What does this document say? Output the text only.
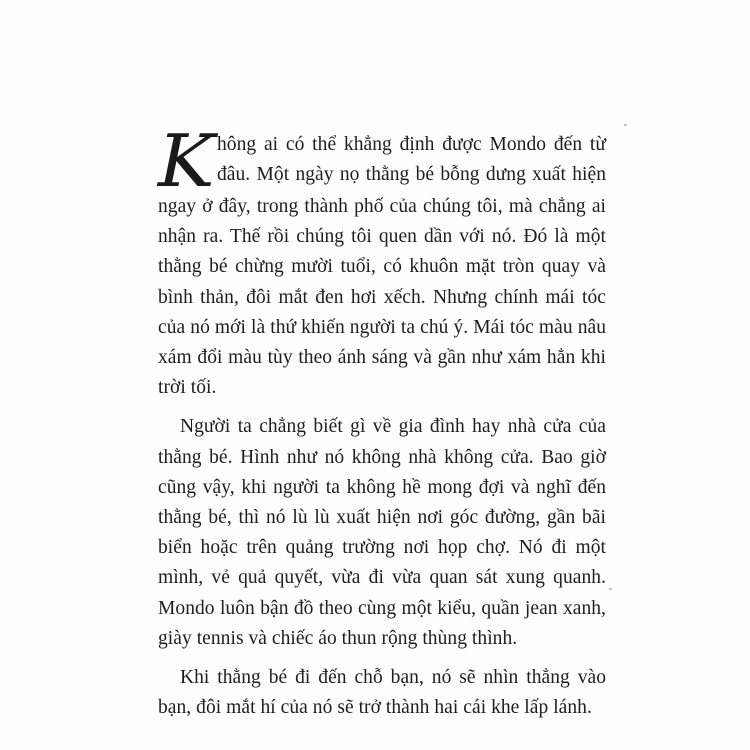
K hông ai có thể khẳng định được Mondo đến từ
đâu. Một ngày nọ thằng bé bỗng dưng xuất hiện
ngay ở đây, trong thành phố của chúng tôi, mà chẳng ai
nhận ra. Thế rồi chúng tôi quen dần với nó. Đó là một
thằng bé chừng mười tuổi, có khuôn mặt tròn quay và
bình thản, đôi mắt đen hơi xếch. Nhưng chính mái tóc
của nó mới là thứ khiến người ta chú ý. Mái tóc màu nâu
xám đổi màu tùy theo ánh sáng và gần như xám hẳn khi
trời tối.
Người ta chẳng biết gì về gia đình hay nhà cửa của
thằng bé. Hình như nó không nhà không cửa. Bao giờ
cũng vậy, khi người ta không hề mong đợi và nghĩ đến
thằng bé, thì nó lù lù xuất hiện nơi góc đường, gần bãi
biển hoặc trên quảng trường nơi họp chợ. Nó đi một
mình, vẻ quả quyết, vừa đi vừa quan sát xung quanh.
Mondo luôn bận đồ theo cùng một kiểu, quần jean xanh,
giày tennis và chiếc áo thun rộng thùng thình.
Khi thằng bé đi đến chỗ bạn, nó sẽ nhìn thẳng vào
bạn, đôi mắt hí của nó sẽ trở thành hai cái khe lấp lánh.
